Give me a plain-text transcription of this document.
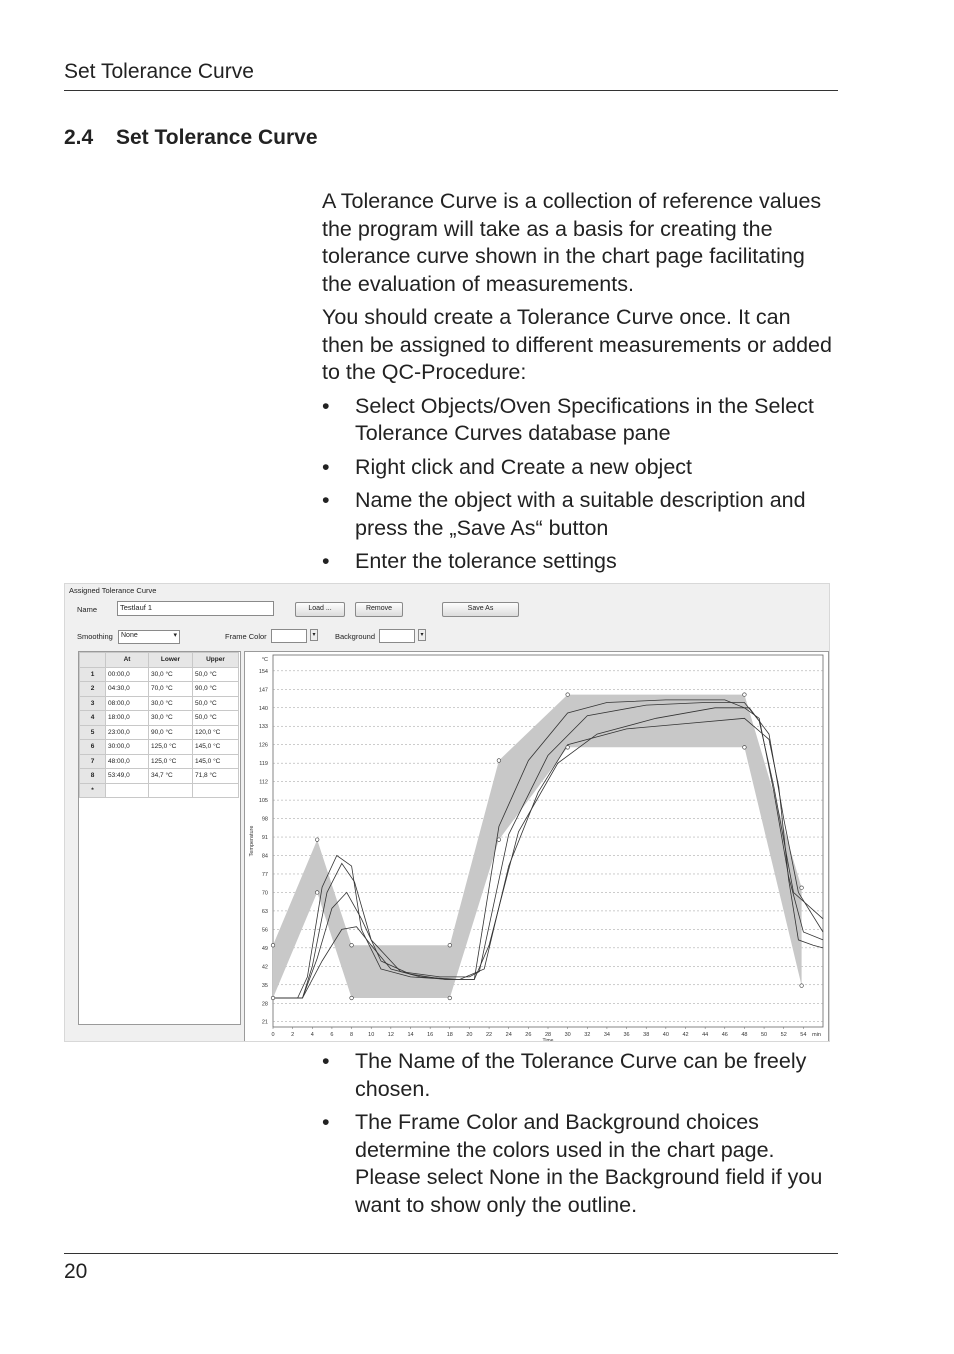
Set Tolerance Curve
2.4 Set Tolerance Curve

A Tolerance Curve is a collection of reference values the program will take as a basis for creating the tolerance curve shown in the chart page facilitating the evaluation of measurements.

You should create a Tolerance Curve once. It can then be assigned to different measurements or added to the QC-Procedure:

• Select Objects/Oven Specifications in the Select Tolerance Curves database pane
• Right click and Create a new object
• Name the object with a suitable description and press the „Save As“ button
• Enter the tolerance settings
Assigned Tolerance Curve
Name	Testlauf 1	Load ...	Remove	Save As
Smoothing	None	▾	Frame Color	▾	Background	▾
	At	Lower	Upper
1	00:00,0	30,0 °C	50,0 °C
2	04:30,0	70,0 °C	90,0 °C
3	08:00,0	30,0 °C	50,0 °C
4	18:00,0	30,0 °C	50,0 °C
5	23:00,0	90,0 °C	120,0 °C
6	30:00,0	125,0 °C	145,0 °C
7	48:00,0	125,0 °C	145,0 °C
8	53:49,0	34,7 °C	71,8 °C
*			
21
28
35
42
49
56
63
70
77
84
91
98
105
112
119
126
133
140
147
154
°C
0	2	4	6	8	10 12 14 16 18 20 22 24 26 28 30 32 34 36 38 40 42 44 46 48 50 52 54 min
Temperature
Time
• The Name of the Tolerance Curve can be freely chosen.
• The Frame Color and Background choices determine the colors used in the chart page. Please select None in the Background field if you want to show only the outline.
20
